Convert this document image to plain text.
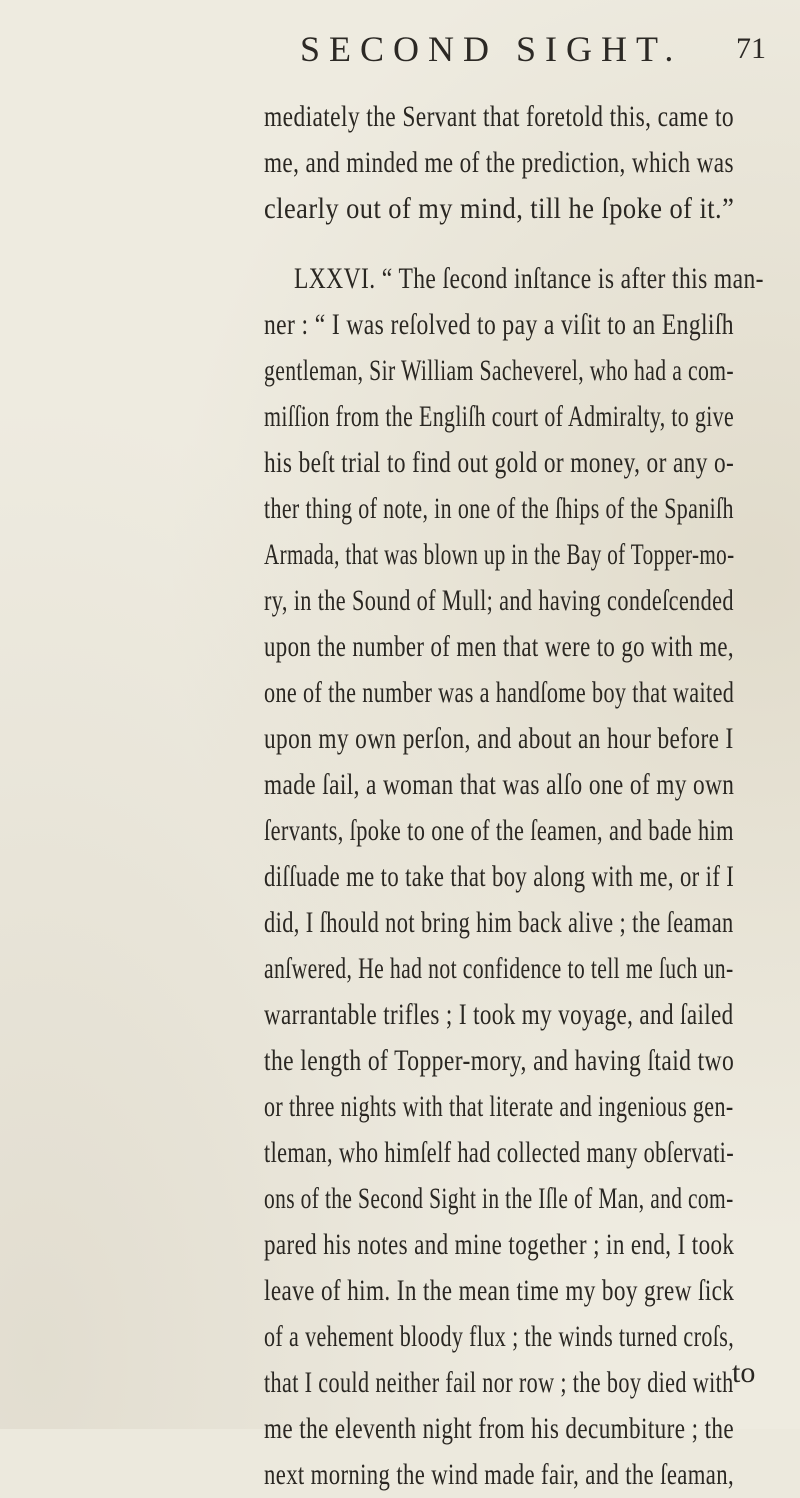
SECOND SIGHT. 71
mediately the Servant that foretold this, came to
me, and minded me of the prediction, which was
clearly out of my mind, till he ſpoke of it.”
LXXVI. “ The ſecond inſtance is after this man-
ner : “ I was reſolved to pay a viſit to an Engliſh
gentleman, Sir William Sacheverel, who had a com-
miſſion from the Engliſh court of Admiralty, to give
his beſt trial to find out gold or money, or any o-
ther thing of note, in one of the ſhips of the Spaniſh
Armada, that was blown up in the Bay of Topper-mo-
ry, in the Sound of Mull; and having condeſcended
upon the number of men that were to go with me,
one of the number was a handſome boy that waited
upon my own perſon, and about an hour before I
made ſail, a woman that was alſo one of my own
ſervants, ſpoke to one of the ſeamen, and bade him
diſſuade me to take that boy along with me, or if I
did, I ſhould not bring him back alive ; the ſeaman
anſwered, He had not confidence to tell me ſuch un-
warrantable trifles ; I took my voyage, and ſailed
the length of Topper-mory, and having ſtaid two
or three nights with that literate and ingenious gen-
tleman, who himſelf had collected many obſervati-
ons of the Second Sight in the Iſle of Man, and com-
pared his notes and mine together ; in end, I took
leave of him. In the mean time my boy grew ſick
of a vehement bloody flux ; the winds turned croſs,
that I could neither fail nor row ; the boy died with
me the eleventh night from his decumbiture ; the
next morning the wind made fair, and the ſeaman,
to
